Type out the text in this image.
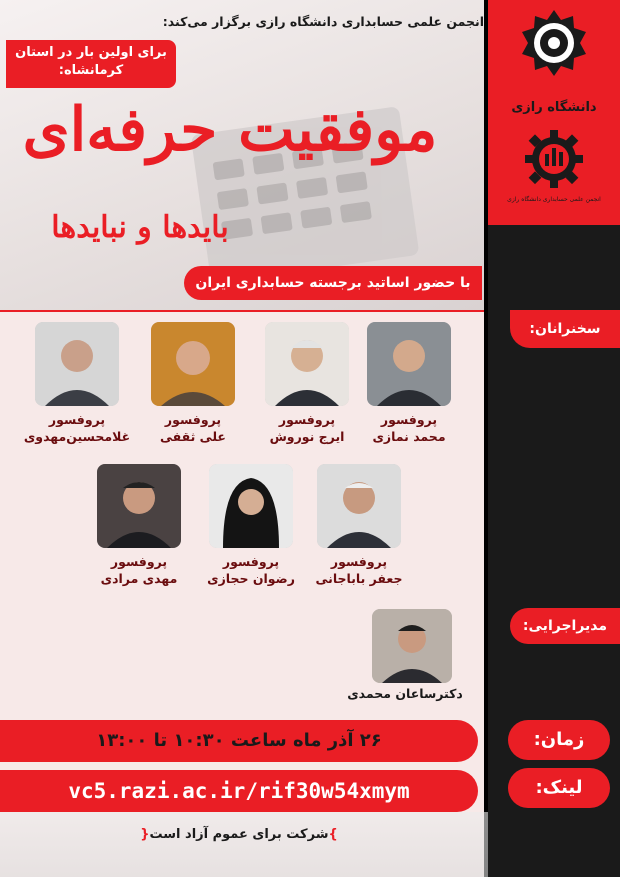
انجمن علمی حسابداری دانشگاه رازی برگزار می‌کند:
برای اولین بار در استان
کرمانشاه:
موفقیت حرفه‌ای
بایدها و نبایدها
با حضور اساتید برجسته حسابداری ایران
دانشگاه رازی
انجمن علمی حسابداری دانشگاه رازی
سخنرانان:
مدیراجرایی:
زمان:
لینک:
پروفسور
محمد نمازی
پروفسور
ایرج نوروش
پروفسور
علی ثقفی
پروفسور
غلامحسین‌مهدوی
پروفسور
جعفر باباجانی
پروفسور
رضوان حجازی
پروفسور
مهدی مرادی
دکترساعان محمدی
۲۶ آذر ماه ساعت ۱۰:۳۰ تا ۱۳:۰۰
vc5.razi.ac.ir/rif30w54xmym
}شرکت برای عموم آزاد است{
